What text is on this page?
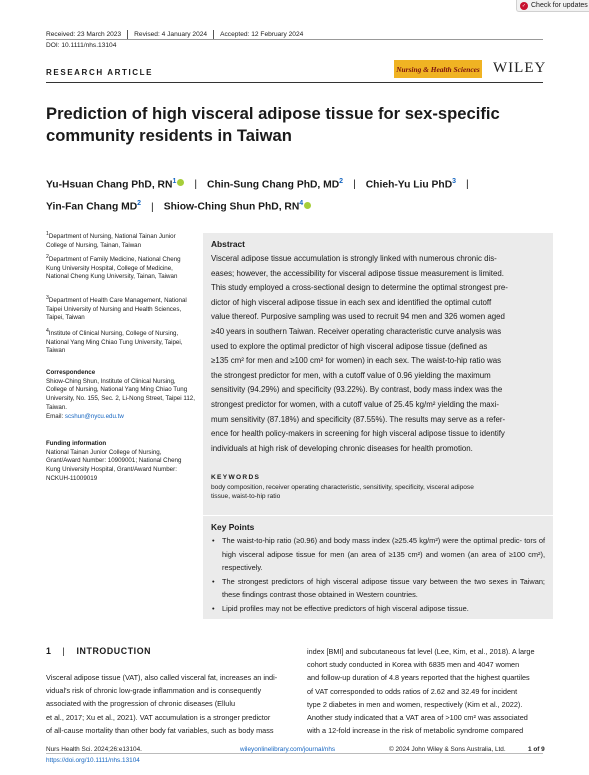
✓ Check for updates
Received: 23 March 2023	Revised: 4 January 2024	Accepted: 12 February 2024
DOI: 10.1111/nhs.13104
RESEARCH ARTICLE	Nursing & Health Sciences WILEY
Prediction of high visceral adipose tissue for sex-specific
community residents in Taiwan
Yu-Hsuan Chang PhD, $RN^1$ | Chin-Sung Chang PhD, $MD^2$ | Chieh-Yu Liu PhD$^3$ |
Yin-Fan Chang $MD^2$ | Shiow-Ching Shun PhD, $RN^4$
$^1$Department of Nursing, National Tainan Junior College of Nursing, Tainan, Taiwan
$^2$Department of Family Medicine, National Cheng Kung University Hospital, College of Medicine, National Cheng Kung University, Tainan, Taiwan
$^3$Department of Health Care Management, National Taipei University of Nursing and Health Sciences, Taipei, Taiwan
$^4$Institute of Clinical Nursing, College of Nursing, National Yang Ming Chiao Tung University, Taipei, Taiwan
Correspondence
Shiow-Ching Shun, Institute of Clinical Nursing, College of Nursing, National Yang Ming Chiao Tung University, No. 155, Sec. 2, Li-Nong Street, Taipei 112, Taiwan.
Email: scshun@nycu.edu.tw
Funding information
National Tainan Junior College of Nursing, Grant/Award Number: 10909001; National Cheng Kung University Hospital, Grant/Award Number: NCKUH-11009019
Abstract
Visceral adipose tissue accumulation is strongly linked with numerous chronic dis-
eases; however, the accessibility for visceral adipose tissue measurement is limited.
This study employed a cross-sectional design to determine the optimal strongest pre-
dictor of high visceral adipose tissue in each sex and identified the optimal cutoff
value thereof. Purposive sampling was used to recruit 94 men and 326 women aged
≥40 years in southern Taiwan. Receiver operating characteristic curve analysis was
used to explore the optimal predictor of high visceral adipose tissue (defined as
≥135 cm² for men and ≥100 cm² for women) in each sex. The waist-to-hip ratio was
the strongest predictor for men, with a cutoff value of 0.96 yielding the maximum
sensitivity (94.29%) and specificity (93.22%). By contrast, body mass index was the
strongest predictor for women, with a cutoff value of 25.45 kg/m² yielding the maxi-
mum sensitivity (87.18%) and specificity (87.55%). The results may serve as a refer-
ence for health policy-makers in screening for high visceral adipose tissue to identify
individuals at high risk of developing chronic diseases for health promotion.
KEYWORDS
body composition, receiver operating characteristic, sensitivity, specificity, visceral adipose
tissue, waist-to-hip ratio
Key Points
• The waist-to-hip ratio (≥0.96) and body mass index (≥25.45 kg/m²) were the optimal predic- tors of high visceral adipose tissue for men (an area of ≥135 cm²) and women (an area of ≥100 cm²), respectively.
• The strongest predictors of high visceral adipose tissue vary between the two sexes in Taiwan; these findings contrast those obtained in Western countries.
• Lipid profiles may not be effective predictors of high visceral adipose tissue.
1 | INTRODUCTION
Visceral adipose tissue (VAT), also called visceral fat, increases an indi-
vidual's risk of chronic low-grade inflammation and is consequently
associated with the progression of chronic diseases (Ellulu
et al., 2017; Xu et al., 2021). VAT accumulation is a stronger predictor
of all-cause mortality than other body fat variables, such as body mass
index [BMI] and subcutaneous fat level (Lee, Kim, et al., 2018). A large
cohort study conducted in Korea with 6835 men and 4047 women
and follow-up duration of 4.8 years reported that the highest quartiles
of VAT corresponded to odds ratios of 2.62 and 32.49 for incident
type 2 diabetes in men and women, respectively (Kim et al., 2022).
Another study indicated that a VAT area of >100 cm² was associated
with a 12-fold increase in the risk of metabolic syndrome compared
Nurs Health Sci. 2024;26:e13104.
https://doi.org/10.1111/nhs.13104
wileyonlinelibrary.com/journal/nhs	© 2024 John Wiley & Sons Australia, Ltd.	1 of 9
